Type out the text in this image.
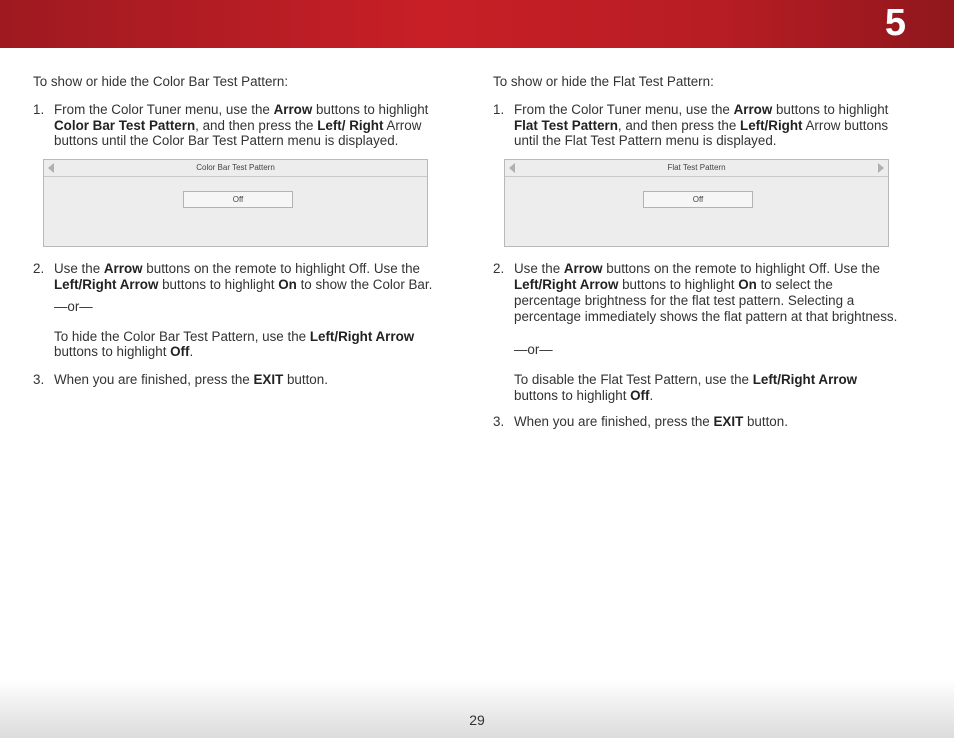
5

To show or hide the Color Bar Test Pattern:

1. From the Color Tuner menu, use the Arrow buttons to highlight Color Bar Test Pattern, and then press the Left/ Right Arrow buttons until the Color Bar Test Pattern menu is displayed.

Color Bar Test Pattern
Off

2. Use the Arrow buttons on the remote to highlight Off. Use the Left/Right Arrow buttons to highlight On to show the Color Bar.

—or—

To hide the Color Bar Test Pattern, use the Left/Right Arrow buttons to highlight Off.

3. When you are finished, press the EXIT button.

To show or hide the Flat Test Pattern:

1. From the Color Tuner menu, use the Arrow buttons to highlight Flat Test Pattern, and then press the Left/Right Arrow buttons until the Flat Test Pattern menu is displayed.

Flat Test Pattern
Off

2. Use the Arrow buttons on the remote to highlight Off. Use the Left/Right Arrow buttons to highlight On to select the percentage brightness for the flat test pattern. Selecting a percentage immediately shows the flat pattern at that brightness.

—or—

To disable the Flat Test Pattern, use the Left/Right Arrow buttons to highlight Off.

3. When you are finished, press the EXIT button.

29
